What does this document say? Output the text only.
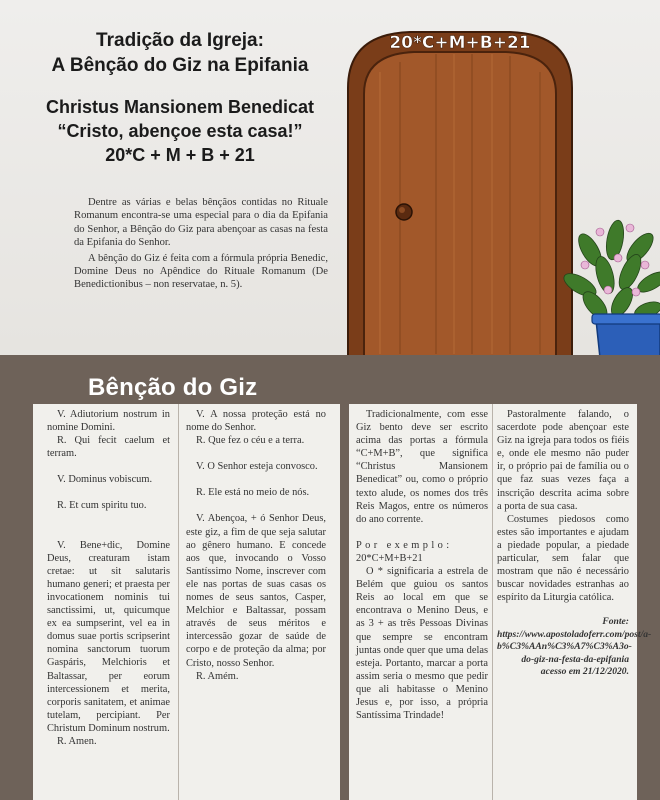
Tradição da Igreja:
A Bênção do Giz na Epifania
Christus Mansionem Benedicat
“Cristo, abençoe esta casa!”
20*C + M + B + 21

Dentre as várias e belas bênçãos contidas no Rituale Romanum encontra-se uma especial para o dia da Epifania do Senhor, a Bênção do Giz para abençoar as casas na festa da Epifania do Senhor.

A bênção do Giz é feita com a fórmula própria Benedic, Domine Deus no Apêndice do Rituale Romanum (De Benedictionibus – non reservatae, n. 5).

20*C+M+B+21
Bênção do Giz

V. Adiutorium nostrum in nomine Domini.

R. Qui fecit caelum et terram.

V. Dominus vobiscum.

R. Et cum spiritu tuo.

V. Bene+dic, Domine Deus, creaturam istam cretae: ut sit salutaris humano generi; et praesta per invocationem nominis tui sanctissimi, ut, quicumque ex ea sumpserint, vel ea in domus suae portis scripserint nomina sanctorum tuorum Gaspáris, Melchioris et Baltassar, per eorum intercessionem et merita, corporis sanitatem, et animae tutelam, percipiant. Per Christum Dominum nostrum.

R. Amen.

V. A nossa proteção está no nome do Senhor.

R. Que fez o céu e a terra.

V. O Senhor esteja convosco.

R. Ele está no meio de nós.

V. Abençoa, + ó Senhor Deus, este giz, a fim de que seja salutar ao gênero humano. E concede aos que, invocando o Vosso Santíssimo Nome, inscrever com ele nas portas de suas casas os nomes de seus santos, Casper, Melchior e Baltassar, possam através de seus méritos e intercessão gozar de saúde de corpo e de proteção da alma; por Cristo, nosso Senhor.

R. Amém.

Tradicionalmente, com esse Giz bento deve ser escrito acima das portas a fórmula “C+M+B”, que significa “Christus Mansionem Benedicat” ou, como o próprio texto alude, os nomes dos três Reis Magos, entre os números do ano corrente.

Por exemplo:

20*C+M+B+21

O * significaria a estrela de Belém que guiou os santos Reis ao local em que se encontrava o Menino Deus, e as 3 + as três Pessoas Divinas que sempre se encontram juntas onde quer que uma delas esteja. Portanto, marcar a porta assim seria o mesmo que pedir que ali habitasse o Menino Jesus e, por isso, a própria Santíssima Trindade!

Pastoralmente falando, o sacerdote pode abençoar este Giz na igreja para todos os fiéis e, onde ele mesmo não puder ir, o próprio pai de família ou o que faz suas vezes faça a inscrição descrita acima sobre a porta de sua casa.

Costumes piedosos como estes são importantes e ajudam a piedade popular, a piedade particular, sem falar que mostram que não é necessário buscar novidades estranhas ao espírito da Liturgia católica.

Fonte: https://www.apostoladoferr.com/post/a-b%C3%AAn%C3%A7%C3%A3o-do-giz-na-festa-da-epifania acesso em 21/12/2020.
